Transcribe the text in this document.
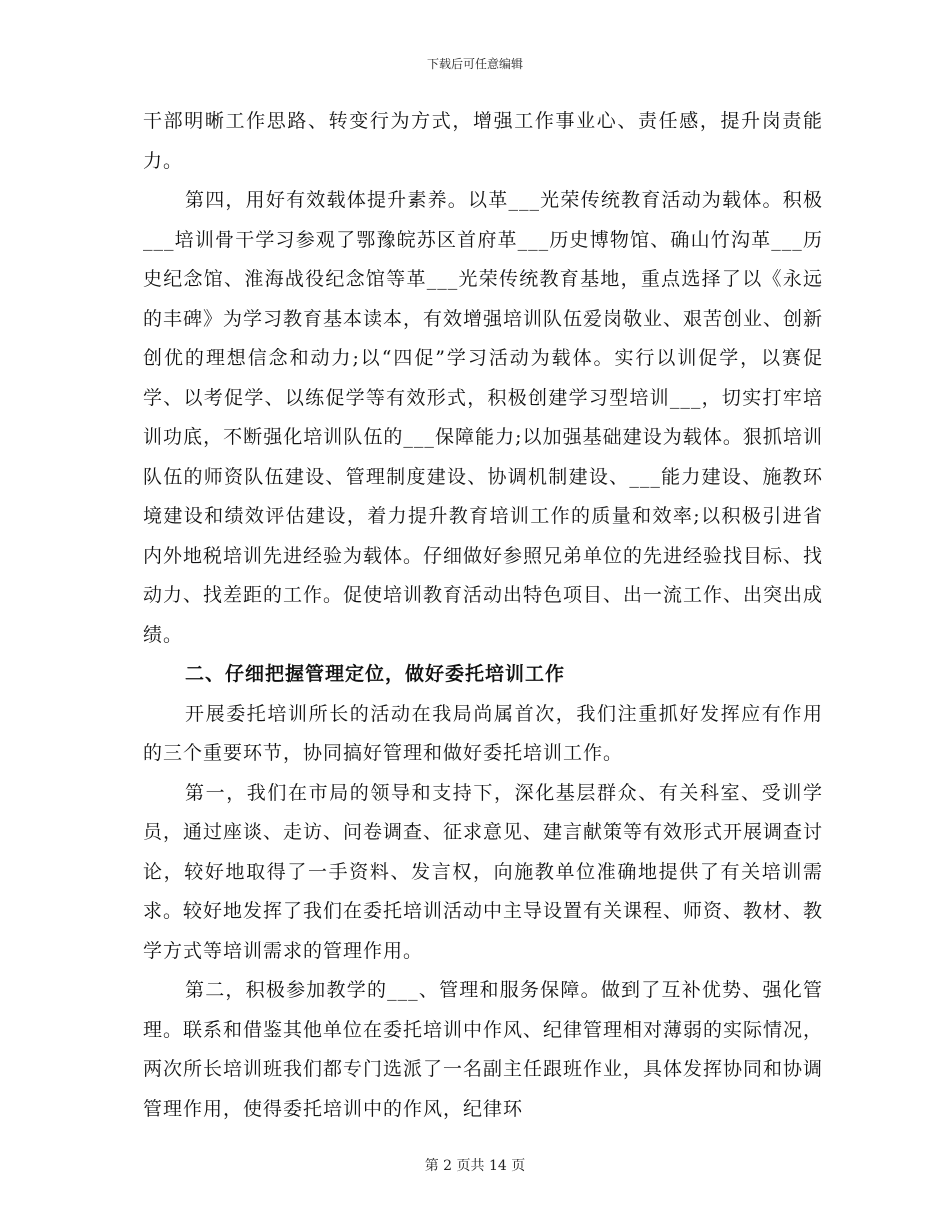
下载后可任意编辑

干部明晰工作思路、转变行为方式，增强工作事业心、责任感，提升岗责能力。

第四，用好有效载体提升素养。以革___光荣传统教育活动为载体。积极___培训骨干学习参观了鄂豫皖苏区首府革___历史博物馆、确山竹沟革___历史纪念馆、淮海战役纪念馆等革___光荣传统教育基地，重点选择了以《永远的丰碑》为学习教育基本读本，有效增强培训队伍爱岗敬业、艰苦创业、创新创优的理想信念和动力;以“四促”学习活动为载体。实行以训促学，以赛促学、以考促学、以练促学等有效形式，积极创建学习型培训___，切实打牢培训功底，不断强化培训队伍的___保障能力;以加强基础建设为载体。狠抓培训队伍的师资队伍建设、管理制度建设、协调机制建设、___能力建设、施教环境建设和绩效评估建设，着力提升教育培训工作的质量和效率;以积极引进省内外地税培训先进经验为载体。仔细做好参照兄弟单位的先进经验找目标、找动力、找差距的工作。促使培训教育活动出特色项目、出一流工作、出突出成绩。

二、仔细把握管理定位，做好委托培训工作

开展委托培训所长的活动在我局尚属首次，我们注重抓好发挥应有作用的三个重要环节，协同搞好管理和做好委托培训工作。

第一，我们在市局的领导和支持下，深化基层群众、有关科室、受训学员，通过座谈、走访、问卷调查、征求意见、建言献策等有效形式开展调查讨论，较好地取得了一手资料、发言权，向施教单位准确地提供了有关培训需求。较好地发挥了我们在委托培训活动中主导设置有关课程、师资、教材、教学方式等培训需求的管理作用。

第二，积极参加教学的___、管理和服务保障。做到了互补优势、强化管理。联系和借鉴其他单位在委托培训中作风、纪律管理相对薄弱的实际情况，两次所长培训班我们都专门选派了一名副主任跟班作业，具体发挥协同和协调管理作用，使得委托培训中的作风，纪律环

第 2 页共 14 页
